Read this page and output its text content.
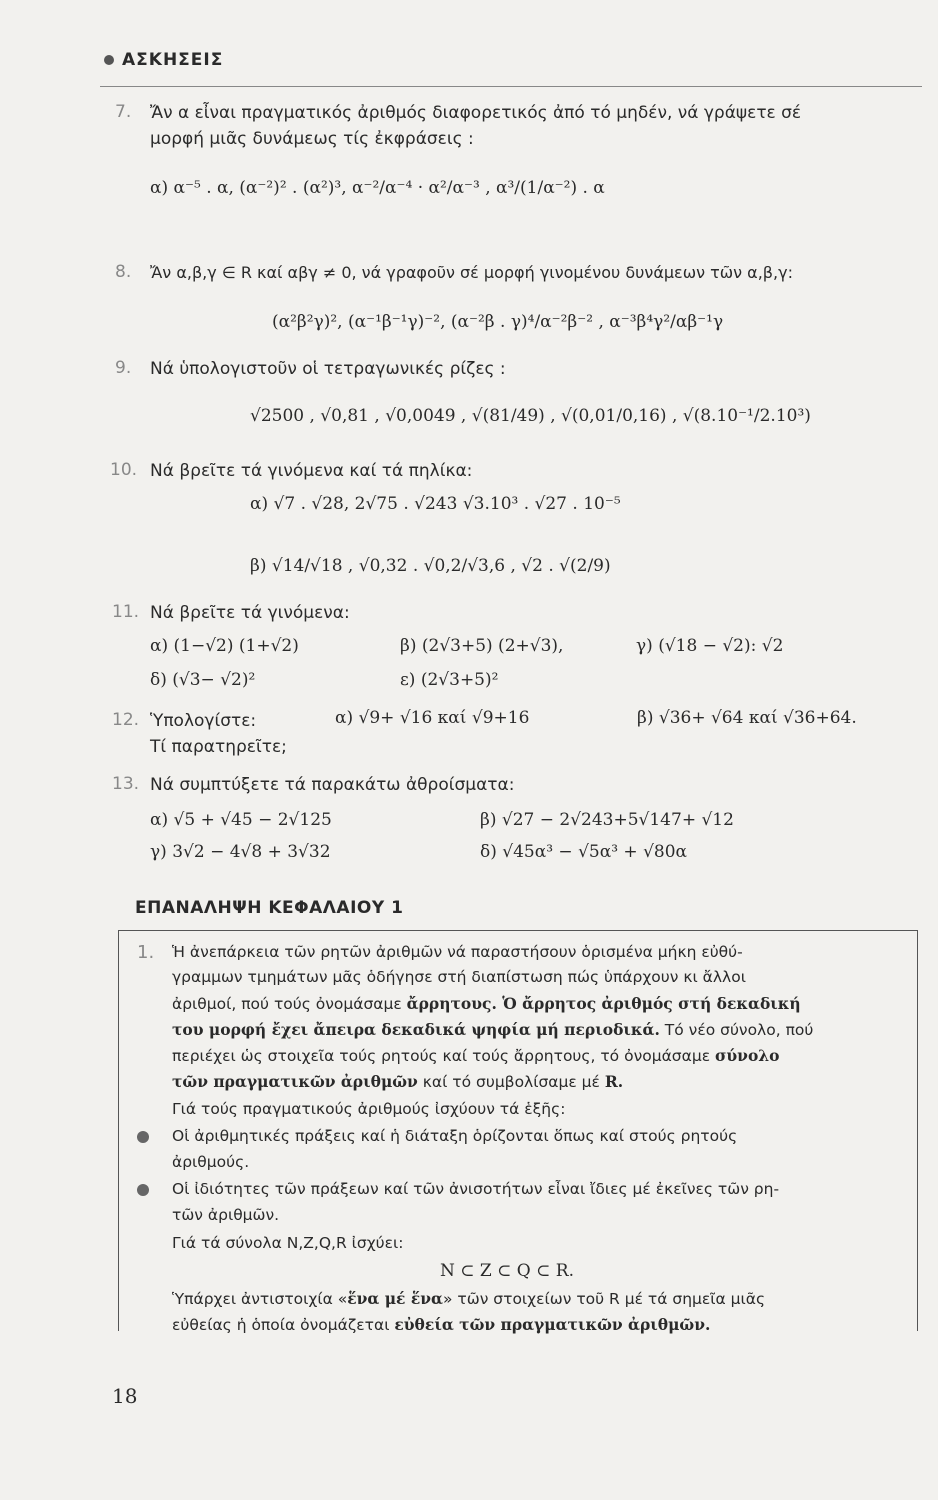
ΑΣΚΗΣΕΙΣ
7. Ἄν α εἶναι πραγματικός ἀριθμός διαφορετικός ἀπό τό μηδέν, νά γράψετε σέ
μορφή μιᾶς δυνάμεως τίς ἐκφράσεις :
α) α⁻⁵ . α, (α⁻²)² . (α²)³, α⁻²/α⁻⁴ · α²/α⁻³ , α³/(1/α⁻²) . α
8. Ἄν α,β,γ ∈ R καί αβγ ≠ 0, νά γραφοῦν σέ μορφή γινομένου δυνάμεων τῶν α,β,γ:
(α²β²γ)², (α⁻¹β⁻¹γ)⁻², (α⁻²β . γ)⁴/α⁻²β⁻² , α⁻³β⁴γ²/αβ⁻¹γ
9. Νά ὑπολογιστοῦν οἱ τετραγωνικές ρίζες :
√2500 , √0,81 , √0,0049 , √(81/49) , √(0,01/0,16) , √(8.10⁻¹/2.10³)
10. Νά βρεῖτε τά γινόμενα καί τά πηλίκα:
α) √7 . √28, 2√75 . √243 √3.10³ . √27 . 10⁻⁵
β) √14/√18 , √0,32 . √0,2/√3,6 , √2 . √(2/9)
11. Νά βρεῖτε τά γινόμενα:
α) (1−√2) (1+√2)	β) (2√3+5) (2+√3),	γ) (√18 − √2): √2
δ) (√3− √2)²	ε) (2√3+5)²
12. Ὑπολογίστε:
Τί παρατηρεῖτε;
α) √9+ √16 καί √9+16	β) √36+ √64 καί √36+64.
13. Νά συμπτύξετε τά παρακάτω ἀθροίσματα:
α) √5 + √45 − 2√125	β) √27 − 2√243+5√147+ √12
γ) 3√2 − 4√8 + 3√32	δ) √45α³ − √5α³ + √80α
ΕΠΑΝΑΛΗΨΗ ΚΕΦΑΛΑΙΟΥ 1
1. Ἡ ἀνεπάρκεια τῶν ρητῶν ἀριθμῶν νά παραστήσουν ὁρισμένα μήκη εὐθύ-
γραμμων τμημάτων μᾶς ὁδήγησε στή διαπίστωση πώς ὑπάρχουν κι ἄλλοι
ἀριθμοί, πού τούς ὀνομάσαμε ἄρρητους. Ὁ ἄρρητος ἀριθμός στή δεκαδική
του μορφή ἔχει ἄπειρα δεκαδικά ψηφία μή περιοδικά. Τό νέο σύνολο, πού
περιέχει ὡς στοιχεῖα τούς ρητούς καί τούς ἄρρητους, τό ὀνομάσαμε σύνολο
τῶν πραγματικῶν ἀριθμῶν καί τό συμβολίσαμε μέ R.
Γιά τούς πραγματικούς ἀριθμούς ἰσχύουν τά ἑξῆς:
Οἱ ἀριθμητικές πράξεις καί ἡ διάταξη ὁρίζονται ὅπως καί στούς ρητούς
ἀριθμούς.
Οἱ ἰδιότητες τῶν πράξεων καί τῶν ἀνισοτήτων εἶναι ἴδιες μέ ἐκεῖνες τῶν ρη-
τῶν ἀριθμῶν.
Γιά τά σύνολα N,Z,Q,R ἰσχύει:
N ⊂ Z ⊂ Q ⊂ R.
Ὑπάρχει ἀντιστοιχία «ἕνα μέ ἕνα» τῶν στοιχείων τοῦ R μέ τά σημεῖα μιᾶς
εὐθείας ἡ ὁποία ὀνομάζεται εὐθεία τῶν πραγματικῶν ἀριθμῶν.
18
